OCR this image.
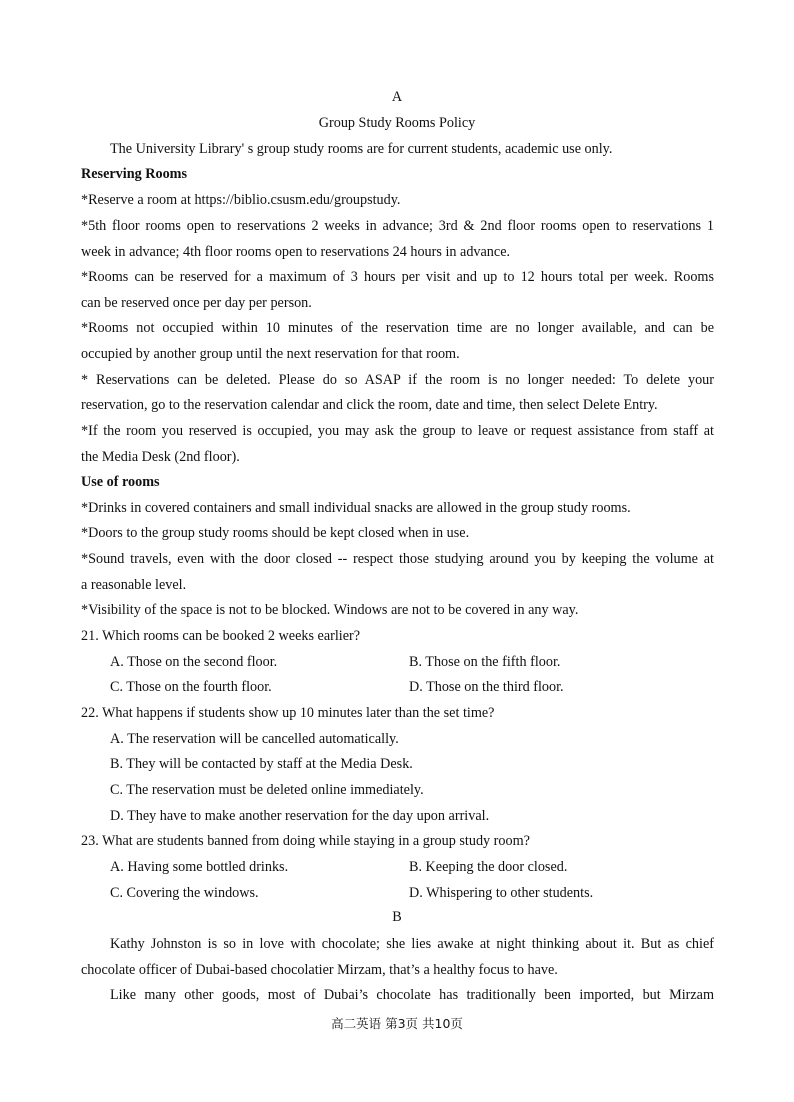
A
Group Study Rooms Policy
The University Library' s group study rooms are for current students, academic use only.
Reserving Rooms
*Reserve a room at https://biblio.csusm.edu/groupstudy.
*5th floor rooms open to reservations 2 weeks in advance; 3rd & 2nd floor rooms open to reservations 1
week in advance; 4th floor rooms open to reservations 24 hours in advance.
*Rooms can be reserved for a maximum of 3 hours per visit and up to 12 hours total per week. Rooms
can be reserved once per day per person.
*Rooms not occupied within 10 minutes of the reservation time are no longer available, and can be
occupied by another group until the next reservation for that room.
* Reservations can be deleted. Please do so ASAP if the room is no longer needed: To delete your
reservation, go to the reservation calendar and click the room, date and time, then select Delete Entry.
*If the room you reserved is occupied, you may ask the group to leave or request assistance from staff at
the Media Desk (2nd floor).
Use of rooms
*Drinks in covered containers and small individual snacks are allowed in the group study rooms.
*Doors to the group study rooms should be kept closed when in use.
*Sound travels, even with the door closed -- respect those studying around you by keeping the volume at
a reasonable level.
*Visibility of the space is not to be blocked. Windows are not to be covered in any way.
21. Which rooms can be booked 2 weeks earlier?
A. Those on the second floor.	B. Those on the fifth floor.
C. Those on the fourth floor.	D. Those on the third floor.
22. What happens if students show up 10 minutes later than the set time?
A. The reservation will be cancelled automatically.
B. They will be contacted by staff at the Media Desk.
C. The reservation must be deleted online immediately.
D. They have to make another reservation for the day upon arrival.
23. What are students banned from doing while staying in a group study room?
A. Having some bottled drinks.	B. Keeping the door closed.
C. Covering the windows.	D. Whispering to other students.
B
Kathy Johnston is so in love with chocolate; she lies awake at night thinking about it. But as chief
chocolate officer of Dubai-based chocolatier Mirzam, that’s a healthy focus to have.
Like many other goods, most of Dubai’s chocolate has traditionally been imported, but Mirzam
高二英语 第3页 共10页
